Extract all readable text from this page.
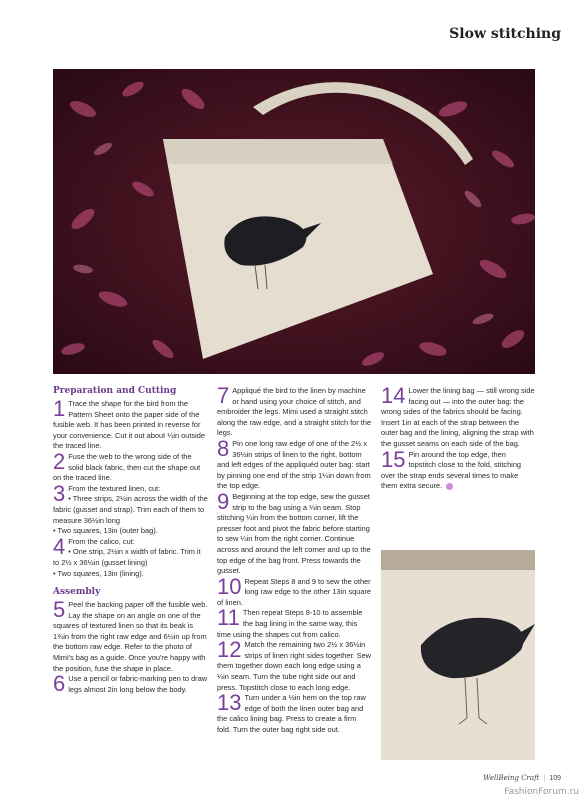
Slow stitching
Preparation and Cutting
1 Trace the shape for the bird from the Pattern Sheet onto the paper side of the fusible web. It has been printed in reverse for your convenience. Cut it out about ¼in outside the traced line.
2 Fuse the web to the wrong side of the solid black fabric, then cut the shape out on the traced line.
3 From the textured linen, cut:
• Three strips, 2½in across the width of the fabric (gusset and strap). Trim each of them to measure 36½in long
• Two squares, 13in (outer bag).
4 From the calico, cut:
• One strip, 2½in x width of fabric. Trim it to 2½ x 36½in (gusset lining)
• Two squares, 13in (lining).
Assembly
5 Peel the backing paper off the fusible web. Lay the shape on an angle on one of the squares of textured linen so that its beak is 1¾in from the right raw edge and 6½in up from the bottom raw edge. Refer to the photo of Mimi's bag as a guide. Once you're happy with the position, fuse the shape in place.
6 Use a pencil or fabric-marking pen to draw legs almost 2in long below the body.
7 Appliqué the bird to the linen by machine or hand using your choice of stitch, and embroider the legs. Mimi used a straight stitch along the raw edge, and a straight stitch for the legs.
8 Pin one long raw edge of one of the 2½ x 36½in strips of linen to the right, bottom and left edges of the appliquéd outer bag: start by pinning one end of the strip 1¼in down from the top edge.
9 Beginning at the top edge, sew the gusset strip to the bag using a ¼in seam. Stop stitching ¼in from the bottom corner, lift the presser foot and pivot the fabric before starting to sew ¼in from the right corner. Continue across and around the left corner and up to the top edge of the bag front. Press towards the gusset.
10 Repeat Steps 8 and 9 to sew the other long raw edge to the other 13in square of linen.
11 Then repeat Steps 8-10 to assemble the bag lining in the same way, this time using the shapes cut from calico.
12 Match the remaining two 2½ x 36½in strips of linen right sides together. Sew them together down each long edge using a ¼in seam. Turn the tube right side out and press. Topstitch close to each long edge.
13 Turn under a ½in hem on the top raw edge of both the linen outer bag and the calico lining bag. Press to create a firm fold. Turn the outer bag right side out.
14 Lower the lining bag — still wrong side facing out — into the outer bag: the wrong sides of the fabrics should be facing. Insert 1in at each of the strap between the outer bag and the lining, aligning the strap with the gusset seams on each side of the bag.
15 Pin around the top edge, then topstitch close to the fold, stitching over the strap ends several times to make them extra secure.
WellBeing Craft | 109
FashionForum.ru
